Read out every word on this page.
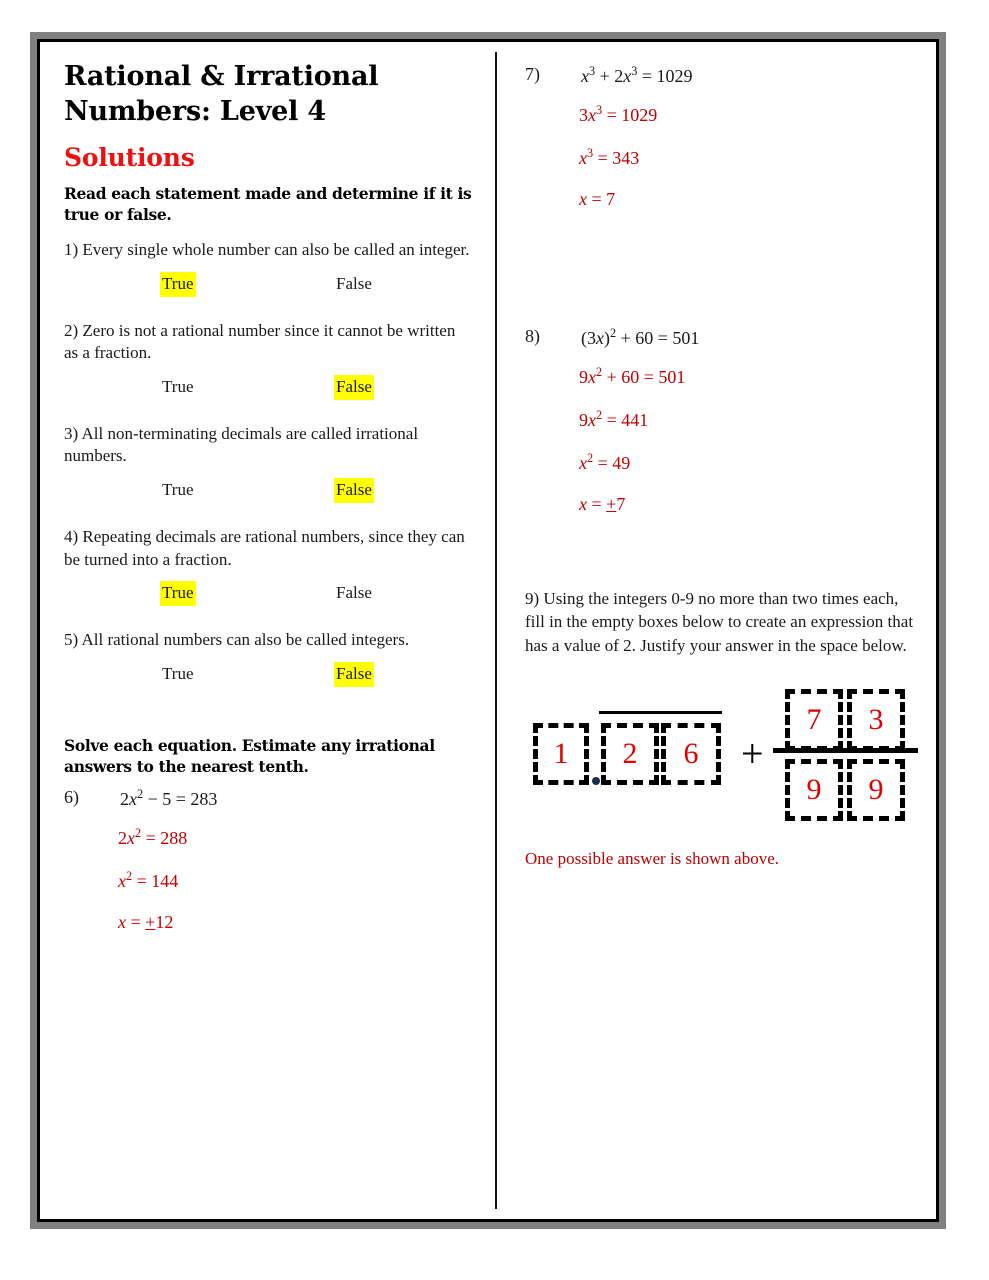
Rational & Irrational Numbers: Level 4
Solutions

Read each statement made and determine if it is true or false.

1) Every single whole number can also be called an integer.

True	False

2) Zero is not a rational number since it cannot be written as a fraction.

True	False

3) All non-terminating decimals are called irrational numbers.

True	False

4) Repeating decimals are rational numbers, since they can be turned into a fraction.

True	False

5) All rational numbers can also be called integers.

True	False

Solve each equation. Estimate any irrational answers to the nearest tenth.

6) $2x^2 - 5 = 283$
$2x^2 = 288$
$x^2 = 144$
x = +12
7) $x^3 + 2x^3 = 1029$
$3x^3 = 1029$
$x^3 = 343$
x = 7
8) $(3x)^2 + 60 = 501$
$9x^2 + 60 = 501$
$9x^2 = 441$
$x^2 = 49$
x = +7

9) Using the integers 0-9 no more than two times each, fill in the empty boxes below to create an expression that has a value of 2. Justify your answer in the space below.

1	2	6	+
7	3
9	9

One possible answer is shown above.
